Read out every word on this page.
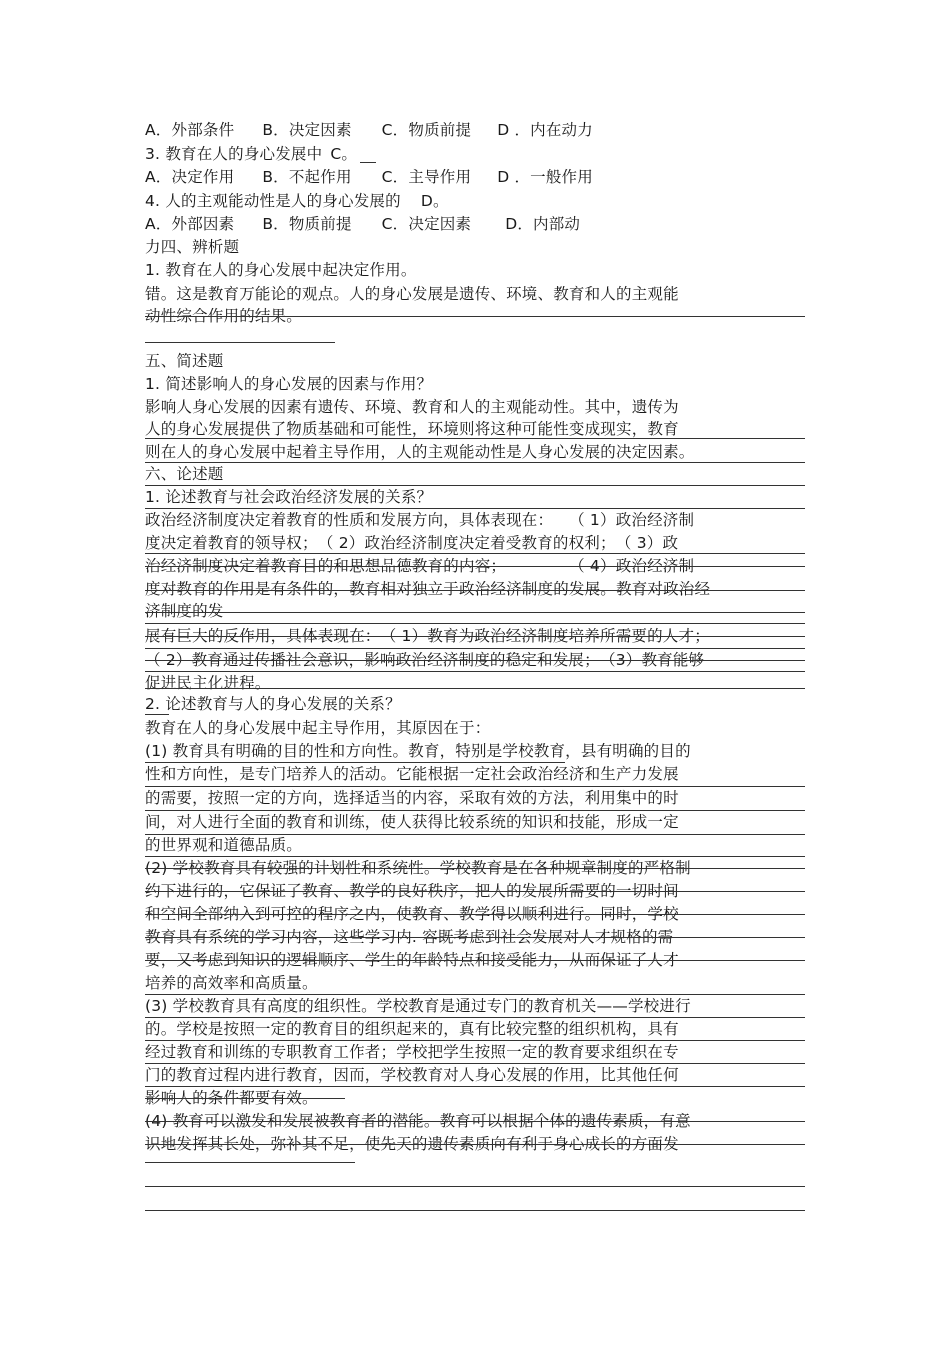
A．外部条件 B．决定因素 C．物质前提 D ．内在动力
3. 教育在人的身心发展中 C。
A．决定作用 B．不起作用 C．主导作用 D ．一般作用
4. 人的主观能动性是人的身心发展的 D。
A．外部因素 B．物质前提 C．决定因素 D．内部动
力四、辨析题
1. 教育在人的身心发展中起决定作用。
错。这是教育万能论的观点。人的身心发展是遗传、环境、教育和人的主观能
动性综合作用的结果。
五、简述题
1. 简述影响人的身心发展的因素与作用？
影响人身心发展的因素有遗传、环境、教育和人的主观能动性。其中，遗传为
人的身心发展提供了物质基础和可能性，环境则将这种可能性变成现实，教育
则在人的身心发展中起着主导作用，人的主观能动性是人身心发展的决定因素。
六、论述题
1. 论述教育与社会政治经济发展的关系？
政治经济制度决定着教育的性质和发展方向，具体表现在：　　（ 1）政治经济制
度决定着教育的领导权；　（ 2）政治经济制度决定着受教育的权利；　（ 3）政
治经济制度决定着教育目的和思想品德教育的内容；　　　　　（ 4）政治经济制
度对教育的作用是有条件的，教育相对独立于政治经济制度的发展。教育对政治经
济制度的发
展有巨大的反作用，具体表现在：　（ 1）教育为政治经济制度培养所需要的人才；
（ 2）教育通过传播社会意识，影响政治经济制度的稳定和发展；　（3）教育能够
促进民主化进程。
2. 论述教育与人的身心发展的关系？
教育在人的身心发展中起主导作用，其原因在于：
(1) 教育具有明确的目的性和方向性。教育，特别是学校教育，县有明确的目的
性和方向性，是专门培养人的活动。它能根据一定社会政治经济和生产力发展
的需要，按照一定的方向，选择适当的内容，采取有效的方法，利用集中的时
间，对人进行全面的教育和训练，使人获得比较系统的知识和技能，形成一定
的世界观和道德品质。
(2) 学校教育具有较强的计划性和系统性。学校教育是在各种规章制度的严格制
约下进行的，它保证了教育、教学的良好秩序，把人的发展所需要的一切时间
和空间全部纳入到可控的程序之内，使教育、教学得以顺利进行。同时，学校
教育具有系统的学习内容，这些学习内. 容既考虑到社会发展对人才规格的需
要，又考虑到知识的逻辑顺序、学生的年龄特点和接受能力，从而保证了人才
培养的高效率和高质量。
(3) 学校教育具有高度的组织性。学校教育是通过专门的教育机关——学校进行
的。学校是按照一定的教育目的组织起来的，真有比较完整的组织机构，具有
经过教育和训练的专职教育工作者；学校把学生按照一定的教育要求组织在专
门的教育过程内进行教育，因而，学校教育对人身心发展的作用，比其他任何
影响人的条件都要有效。
(4) 教育可以激发和发展被教育者的潜能。教育可以根据个体的遗传素质，有意
识地发挥其长处，弥补其不足，使先天的遗传素质向有利于身心成长的方面发
